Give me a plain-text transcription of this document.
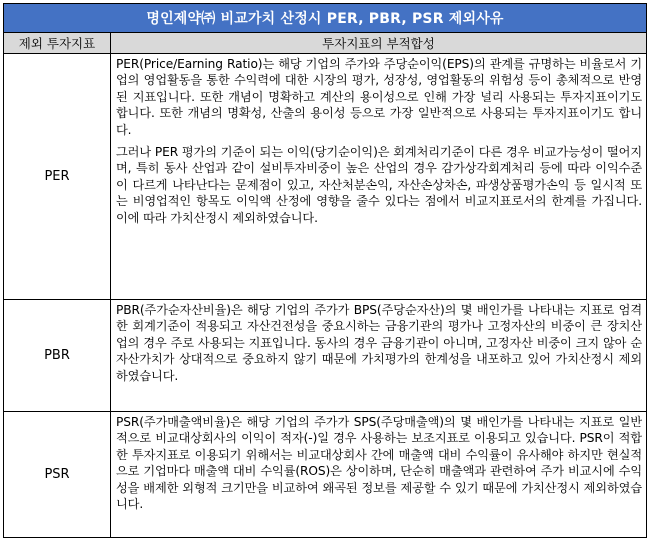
명인제약㈜ 비교가치 산정시 PER, PBR, PSR 제외사유	
제외 투자지표	투자지표의 부적합성
PER	PER(Price/Earning Ratio)는 해당 기업의 주가와 주당순이익(EPS)의 관계를 규명하는 비율로서 기업의 영업활동을 통한 수익력에 대한 시장의 평가, 성장성, 영업활동의 위험성 등이 총체적으로 반영된 지표입니다. 또한 개념이 명확하고 계산의 용이성으로 인해 가장 널리 사용되는 투자지표이기도 합니다. 또한 개념의 명확성, 산출의 용이성 등으로 가장 일반적으로 사용되는 투자지표이기도 합니다.

그러나 PER 평가의 기준이 되는 이익(당기순이익)은 회계처리기준이 다른 경우 비교가능성이 떨어지며, 특히 동사 산업과 같이 설비투자비중이 높은 산업의 경우 감가상각회계처리 등에 따라 이익수준이 다르게 나타난다는 문제점이 있고, 자산처분손익, 자산손상차손, 파생상품평가손익 등 일시적 또는 비영업적인 항목도 이익액 산정에 영향을 줄수 있다는 점에서 비교지표로서의 한계를 가집니다. 이에 따라 가치산정시 제외하였습니다.

PBR	PBR(주가순자산비율)은 해당 기업의 주가가 BPS(주당순자산)의 몇 배인가를 나타내는 지표로 엄격한 회계기준이 적용되고 자산건전성을 중요시하는 금융기관의 평가나 고정자산의 비중이 큰 장치산업의 경우 주로 사용되는 지표입니다. 동사의 경우 금융기관이 아니며, 고정자산 비중이 크지 않아 순자산가치가 상대적으로 중요하지 않기 때문에 가치평가의 한계성을 내포하고 있어 가치산정시 제외하였습니다.

PSR	PSR(주가매출액비율)은 해당 기업의 주가가 SPS(주당매출액)의 몇 배인가를 나타내는 지표로 일반적으로 비교대상회사의 이익이 적자(-)일 경우 사용하는 보조지표로 이용되고 있습니다. PSR이 적합한 투자지표로 이용되기 위해서는 비교대상회사 간에 매출액 대비 수익률이 유사해야 하지만 현실적으로 기업마다 매출액 대비 수익률(ROS)은 상이하며, 단순히 매출액과 관련하여 주가 비교시에 수익성을 배제한 외형적 크기만을 비교하여 왜곡된 정보를 제공할 수 있기 때문에 가치산정시 제외하였습니다.
